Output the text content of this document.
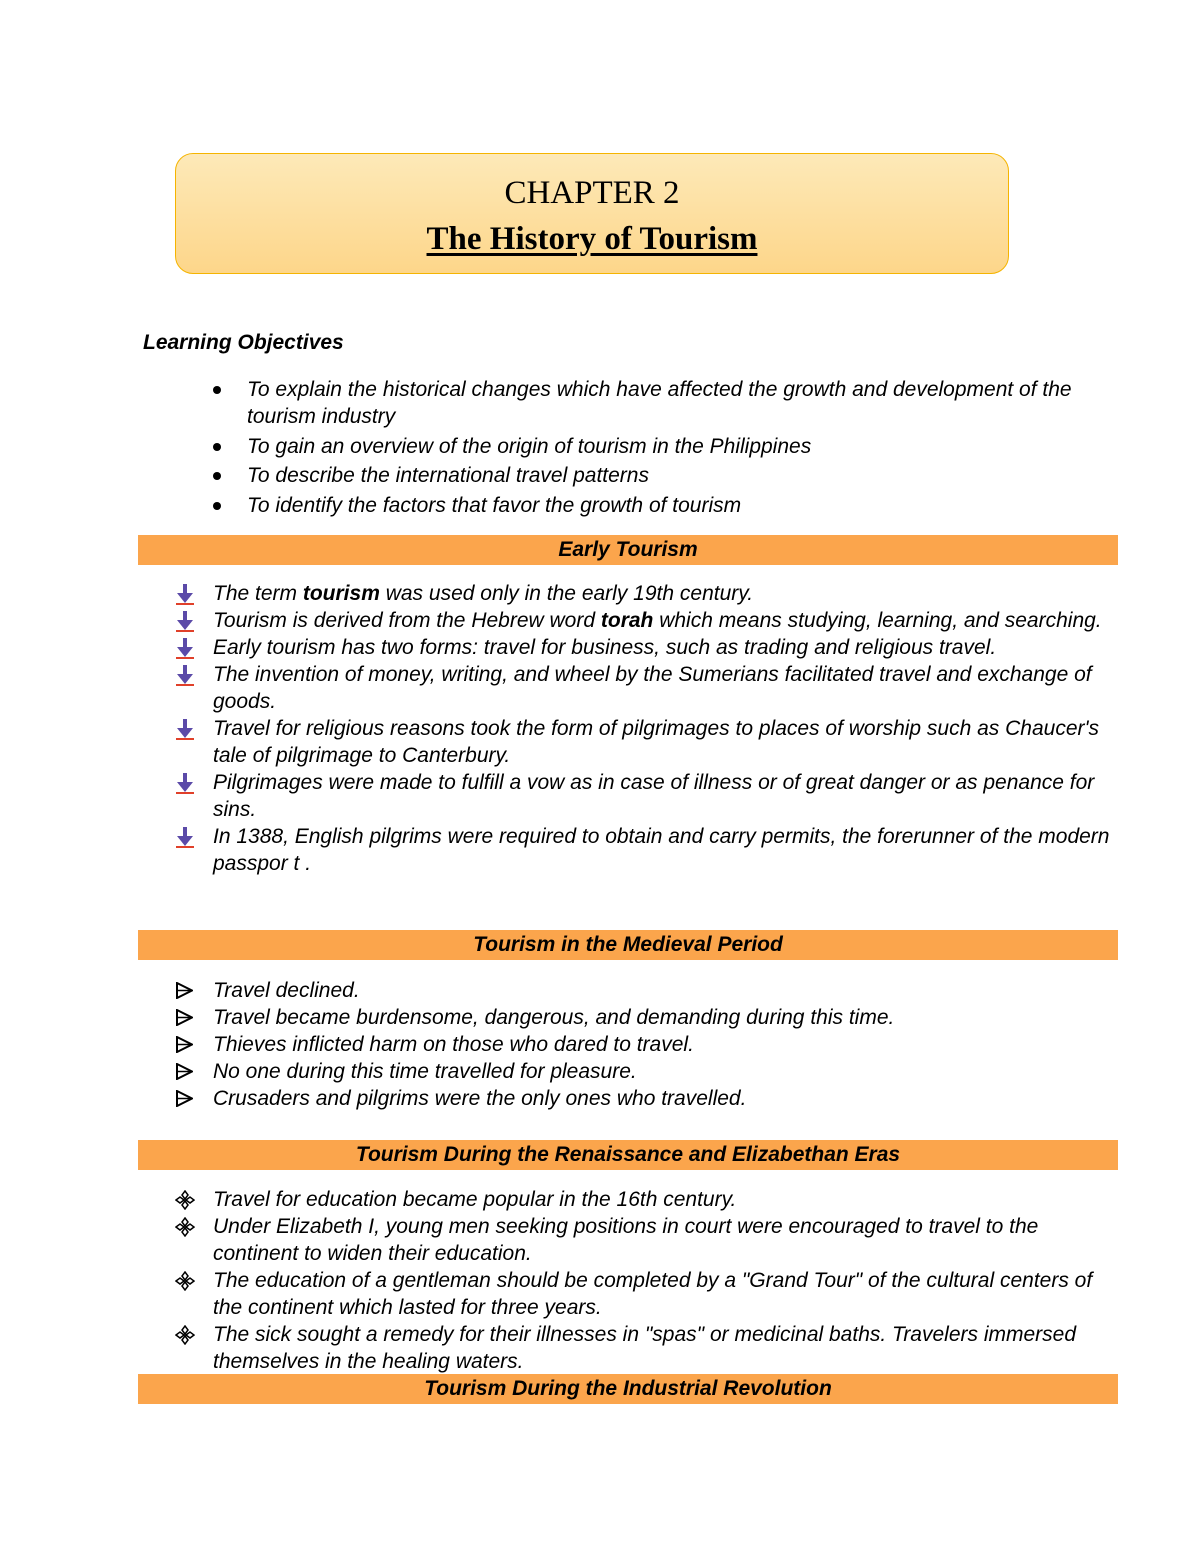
CHAPTER 2
The History of Tourism
Learning Objectives
To explain the historical changes which have affected the growth and development of the tourism industry
To gain an overview of the origin of tourism in the Philippines
To describe the international travel patterns
To identify the factors that favor the growth of tourism
Early Tourism
The term tourism was used only in the early 19th century.
Tourism is derived from the Hebrew word torah which means studying, learning, and searching.
Early tourism has two forms: travel for business, such as trading and religious travel.
The invention of money, writing, and wheel by the Sumerians facilitated travel and exchange of goods.
Travel for religious reasons took the form of pilgrimages to places of worship such as Chaucer's tale of pilgrimage to Canterbury.
Pilgrimages were made to fulfill a vow as in case of illness or of great danger or as penance for sins.
In 1388, English pilgrims were required to obtain and carry permits, the forerunner of the modern passpor t .
Tourism in the Medieval Period
Travel declined.
Travel became burdensome, dangerous, and demanding during this time.
Thieves inflicted harm on those who dared to travel.
No one during this time travelled for pleasure.
Crusaders and pilgrims were the only ones who travelled.
Tourism During the Renaissance and Elizabethan Eras
Travel for education became popular in the 16th century.
Under Elizabeth I, young men seeking positions in court were encouraged to travel to the continent to widen their education.
The education of a gentleman should be completed by a "Grand Tour" of the cultural centers of the continent which lasted for three years.
The sick sought a remedy for their illnesses in "spas" or medicinal baths. Travelers immersed themselves in the healing waters.
Tourism During the Industrial Revolution
